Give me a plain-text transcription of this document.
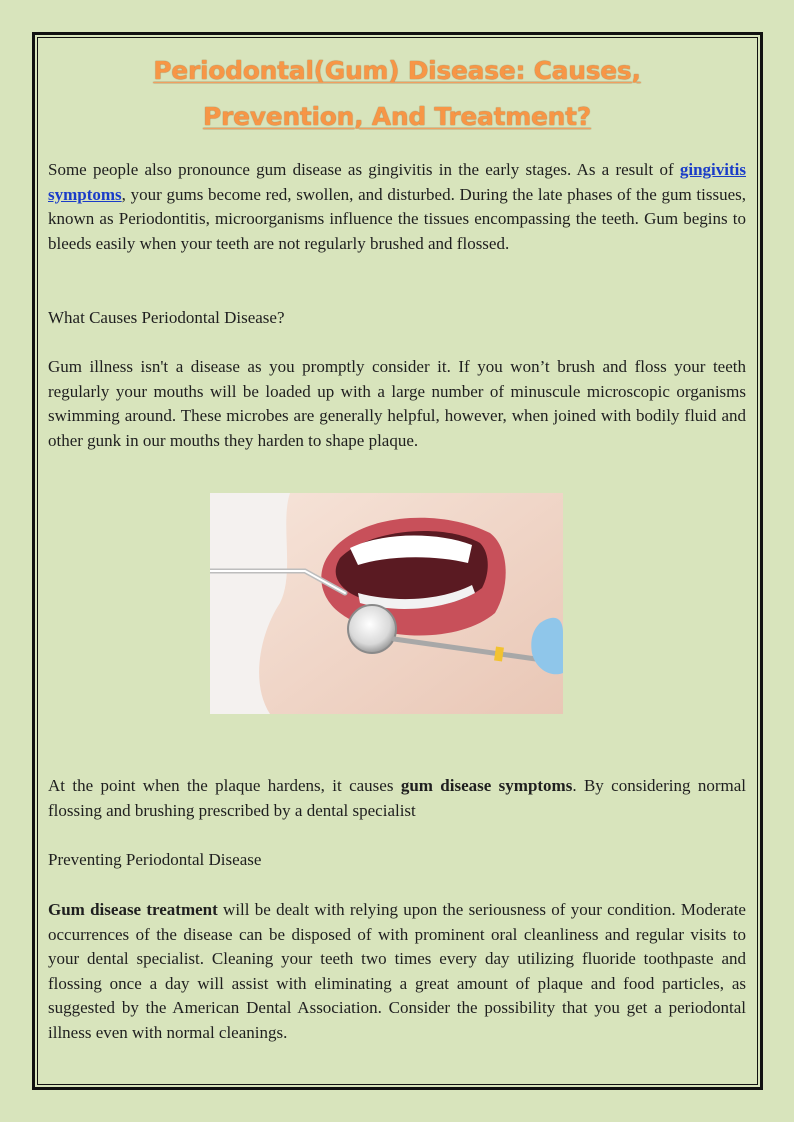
Periodontal(Gum) Disease: Causes,
Prevention, And Treatment?

Some people also pronounce gum disease as gingivitis in the early stages. As a result of gingivitis symptoms, your gums become red, swollen, and disturbed. During the late phases of the gum tissues, known as Periodontitis, microorganisms influence the tissues encompassing the teeth. Gum begins to bleeds easily when your teeth are not regularly brushed and flossed.

What Causes Periodontal Disease?

Gum illness isn't a disease as you promptly consider it. If you won’t brush and floss your teeth regularly your mouths will be loaded up with a large number of minuscule microscopic organisms swimming around. These microbes are generally helpful, however, when joined with bodily fluid and other gunk in our mouths they harden to shape plaque.

At the point when the plaque hardens, it causes gum disease symptoms. By considering normal flossing and brushing prescribed by a dental specialist

Preventing Periodontal Disease

Gum disease treatment will be dealt with relying upon the seriousness of your condition. Moderate occurrences of the disease can be disposed of with prominent oral cleanliness and regular visits to your dental specialist. Cleaning your teeth two times every day utilizing fluoride toothpaste and flossing once a day will assist with eliminating a great amount of plaque and food particles, as suggested by the American Dental Association. Consider the possibility that you get a periodontal illness even with normal cleanings.
